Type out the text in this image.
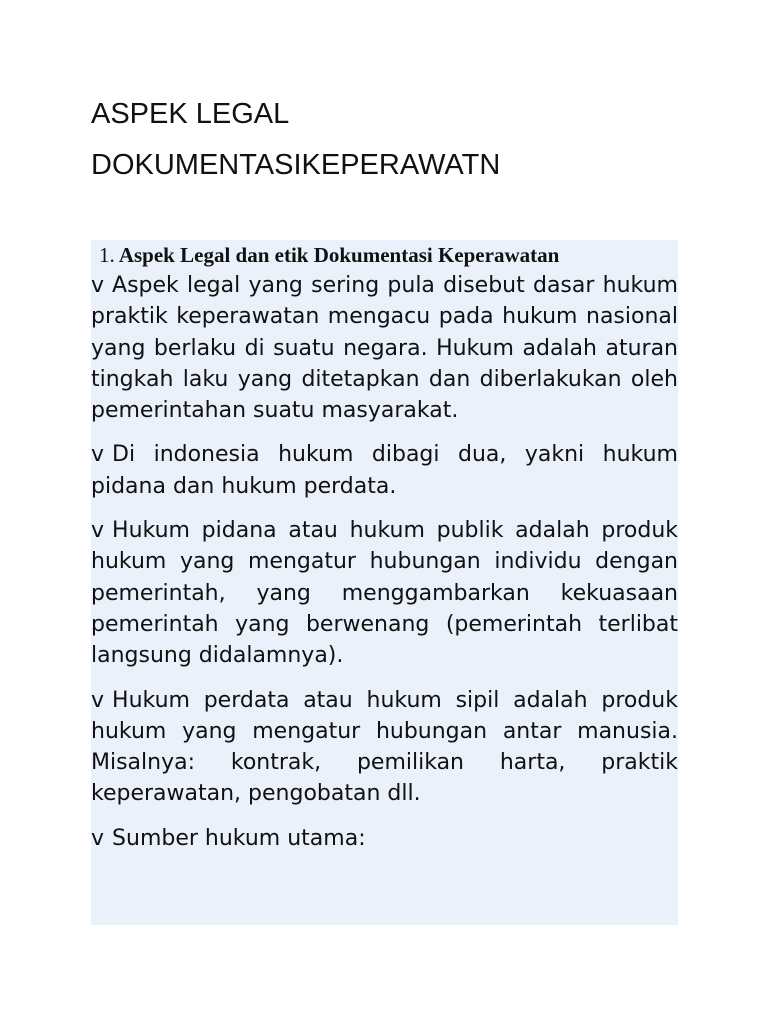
ASPEK LEGAL
DOKUMENTASIKEPERAWATN
1. Aspek Legal dan etik Dokumentasi Keperawatan

v Aspek legal yang sering pula disebut dasar hukum praktik keperawatan mengacu pada hukum nasional yang berlaku di suatu negara. Hukum adalah aturan tingkah laku yang ditetapkan dan diberlakukan oleh pemerintahan suatu masyarakat.

v Di indonesia hukum dibagi dua, yakni hukum pidana dan hukum perdata.

v Hukum pidana atau hukum publik adalah produk hukum yang mengatur hubungan individu dengan pemerintah, yang menggambarkan kekuasaan pemerintah yang berwenang (pemerintah terlibat langsung didalamnya).

v Hukum perdata atau hukum sipil adalah produk hukum yang mengatur hubungan antar manusia. Misalnya: kontrak, pemilikan harta, praktik keperawatan, pengobatan dll.

v Sumber hukum utama:
